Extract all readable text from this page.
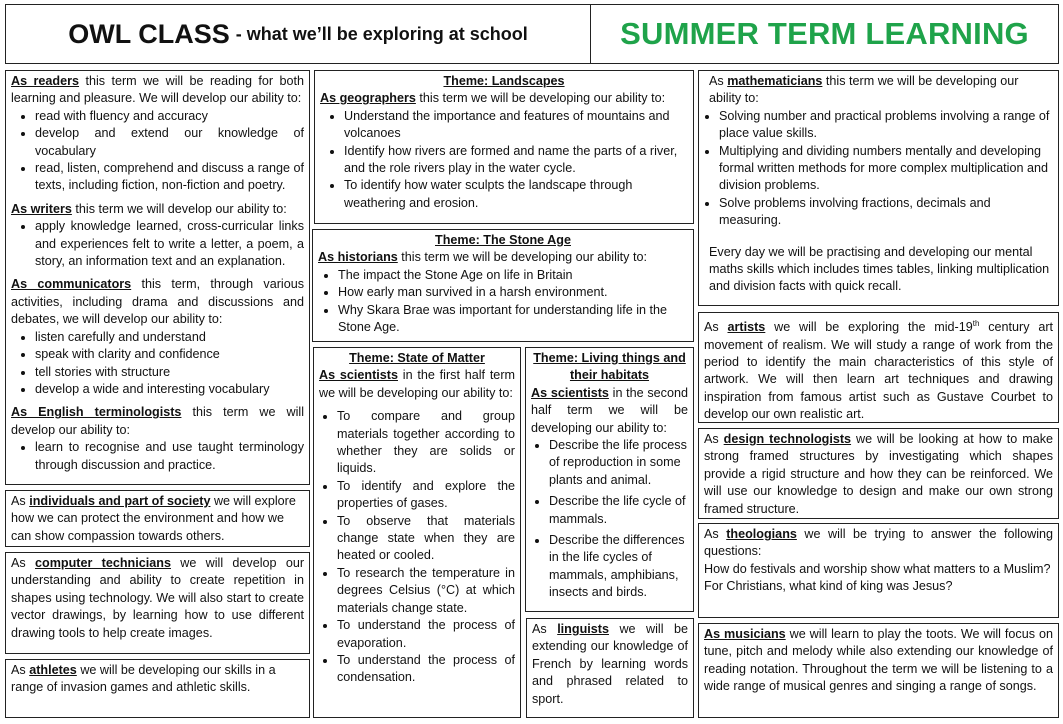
OWL CLASS - what we’ll be exploring at school	SUMMER TERM LEARNING
As readers this term we will be reading for both learning and pleasure. We will develop our ability to:
• read with fluency and accuracy
• develop and extend our knowledge of vocabulary
• read, listen, comprehend and discuss a range of texts, including fiction, non-fiction and poetry.
As writers this term we will develop our ability to:
• apply knowledge learned, cross-curricular links and experiences felt to write a letter, a poem, a story, an information text and an explanation.
As communicators this term, through various activities, including drama and discussions and debates, we will develop our ability to:
• listen carefully and understand
• speak with clarity and confidence
• tell stories with structure
• develop a wide and interesting vocabulary
As English terminologists this term we will develop our ability to:
• learn to recognise and use taught terminology through discussion and practice.
As individuals and part of society we will explore how we can protect the environment and how we can show compassion towards others.
As computer technicians we will develop our understanding and ability to create repetition in shapes using technology. We will also start to create vector drawings, by learning how to use different drawing tools to help create images.
As athletes we will be developing our skills in a range of invasion games and athletic skills.
Theme: Landscapes
As geographers this term we will be developing our ability to:
• Understand the importance and features of mountains and volcanoes
• Identify how rivers are formed and name the parts of a river, and the role rivers play in the water cycle.
• To identify how water sculpts the landscape through weathering and erosion.
Theme: The Stone Age
As historians this term we will be developing our ability to:
• The impact the Stone Age on life in Britain
• How early man survived in a harsh environment.
• Why Skara Brae was important for understanding life in the Stone Age.
Theme: State of Matter
As scientists in the first half term we will be developing our ability to:
• To compare and group materials together according to whether they are solids or liquids.
• To identify and explore the properties of gases.
• To observe that materials change state when they are heated or cooled.
• To research the temperature in degrees Celsius (°C) at which materials change state.
• To understand the process of evaporation.
• To understand the process of condensation.
Theme: Living things and their habitats
As scientists in the second half term we will be developing our ability to:
• Describe the life process of reproduction in some plants and animal.
• Describe the life cycle of mammals.
• Describe the differences in the life cycles of mammals, amphibians, insects and birds.
As linguists we will be extending our knowledge of French by learning words and phrased related to sport.
As mathematicians this term we will be developing our ability to:
• Solving number and practical problems involving a range of place value skills.
• Multiplying and dividing numbers mentally and developing formal written methods for more complex multiplication and division problems.
• Solve problems involving fractions, decimals and measuring.
Every day we will be practising and developing our mental maths skills which includes times tables, linking multiplication and division facts with quick recall.
As artists we will be exploring the mid-19th century art movement of realism. We will study a range of work from the period to identify the main characteristics of this style of artwork. We will then learn art techniques and drawing inspiration from famous artist such as Gustave Courbet to develop our own realistic art.
As design technologists we will be looking at how to make strong framed structures by investigating which shapes provide a rigid structure and how they can be reinforced. We will use our knowledge to design and make our own strong framed structure.
As theologians we will be trying to answer the following questions:
How do festivals and worship show what matters to a Muslim?
For Christians, what kind of king was Jesus?
As musicians we will learn to play the toots. We will focus on tune, pitch and melody while also extending our knowledge of reading notation. Throughout the term we will be listening to a wide range of musical genres and singing a range of songs.
